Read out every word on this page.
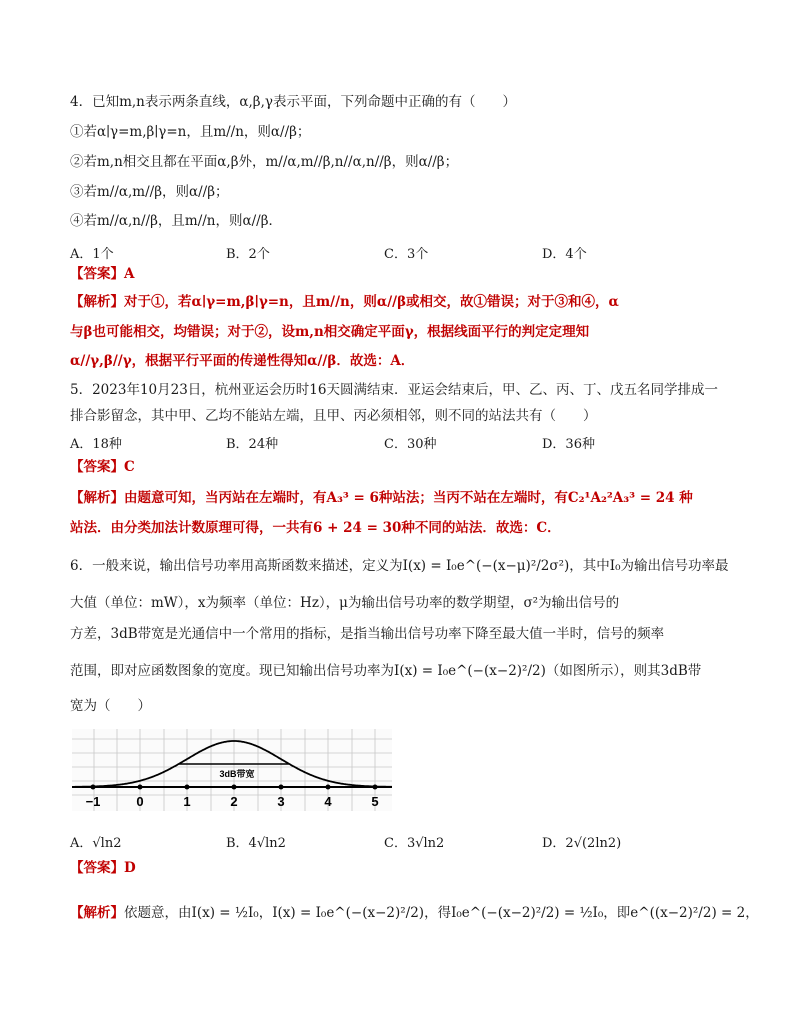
4．已知m,n表示两条直线，α,β,γ表示平面，下列命题中正确的有（　　）
①若α∣γ=m,β∣γ=n，且m//n，则α//β；
②若m,n相交且都在平面α,β外，m//α,m//β,n//α,n//β，则α//β；
③若m//α,m//β，则α//β；
④若m//α,n//β，且m//n，则α//β．
A．1个	B．2个	C．3个	D．4个
【答案】A
【解析】对于①，若α∣γ=m,β∣γ=n，且m//n，则α//β或相交，故①错误；对于③和④，α
与β也可能相交，均错误；对于②，设m,n相交确定平面γ，根据线面平行的判定定理知
α//γ,β//γ，根据平行平面的传递性得知α//β．故选：A．
5．2023年10月23日，杭州亚运会历时16天圆满结束．亚运会结束后，甲、乙、丙、丁、戊五名同学排成一
排合影留念，其中甲、乙均不能站左端，且甲、丙必须相邻，则不同的站法共有（　　）
A．18种	B．24种	C．30种	D．36种
【答案】C
【解析】由题意可知，当丙站在左端时，有A₃³ = 6种站法；当丙不站在左端时，有C₂¹A₂²A₃³ = 24 种
站法．由分类加法计数原理可得，一共有6 + 24 = 30种不同的站法．故选：C．
6．一般来说，输出信号功率用高斯函数来描述，定义为I(x) = I₀e^(−(x−μ)²/2σ²)，其中I₀为输出信号功率最
大值（单位：mW），x为频率（单位：Hz），μ为输出信号功率的数学期望，σ²为输出信号的
方差，3dB带宽是光通信中一个常用的指标，是指当输出信号功率下降至最大值一半时，信号的频率
范围，即对应函数图象的宽度。现已知输出信号功率为I(x) = I₀e^(−(x−2)²/2)（如图所示），则其3dB带
宽为（　　）
3dB带宽
−1	0	1	2	3	4	5
A．√ln2	B．4√ln2	C．3√ln2	D．2√(2ln2)
【答案】D
【解析】依题意，由I(x) = ½I₀，I(x) = I₀e^(−(x−2)²/2)，得I₀e^(−(x−2)²/2) = ½I₀，即e^((x−2)²/2) = 2，
